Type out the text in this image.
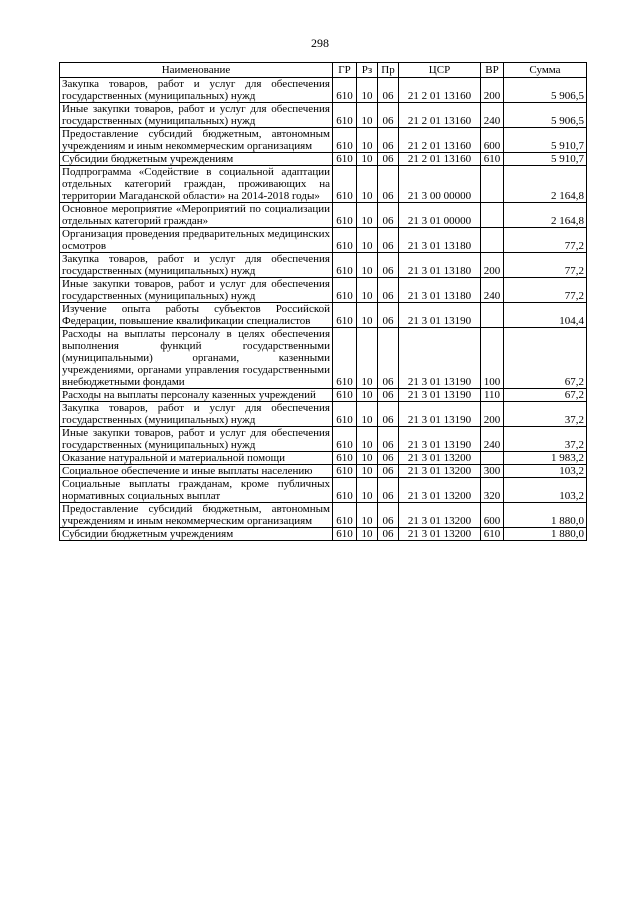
298
Наименование	ГР	Рз	Пр	ЦСР	ВР	Сумма
Закупка товаров, работ и услуг для обеспечения государственных (муниципальных) нужд	610	10	06	21 2 01 13160	200	5 906,5
Иные закупки товаров, работ и услуг для обеспечения государственных (муниципальных) нужд	610	10	06	21 2 01 13160	240	5 906,5
Предоставление субсидий бюджетным, автономным учреждениям и иным некоммерческим организациям	610	10	06	21 2 01 13160	600	5 910,7
Субсидии бюджетным учреждениям	610	10	06	21 2 01 13160	610	5 910,7
Подпрограмма «Содействие в социальной адаптации отдельных категорий граждан, проживающих на территории Магаданской области» на 2014-2018 годы»	610	10	06	21 3 00 00000		2 164,8
Основное мероприятие «Мероприятий по социализации отдельных категорий граждан»	610	10	06	21 3 01 00000		2 164,8
Организация проведения предварительных медицинских осмотров	610	10	06	21 3 01 13180		77,2
Закупка товаров, работ и услуг для обеспечения государственных (муниципальных) нужд	610	10	06	21 3 01 13180	200	77,2
Иные закупки товаров, работ и услуг для обеспечения государственных (муниципальных) нужд	610	10	06	21 3 01 13180	240	77,2
Изучение опыта работы субъектов Российской Федерации, повышение квалификации специалистов	610	10	06	21 3 01 13190		104,4
Расходы на выплаты персоналу в целях обеспечения выполнения функций государственными (муниципальными) органами, казенными учреждениями, органами управления государственными внебюджетными фондами	610	10	06	21 3 01 13190	100	67,2
Расходы на выплаты персоналу казенных учреждений	610	10	06	21 3 01 13190	110	67,2
Закупка товаров, работ и услуг для обеспечения государственных (муниципальных) нужд	610	10	06	21 3 01 13190	200	37,2
Иные закупки товаров, работ и услуг для обеспечения государственных (муниципальных) нужд	610	10	06	21 3 01 13190	240	37,2
Оказание натуральной и материальной помощи	610	10	06	21 3 01 13200		1 983,2
Социальное обеспечение и иные выплаты населению	610	10	06	21 3 01 13200	300	103,2
Социальные выплаты гражданам, кроме публичных нормативных социальных выплат	610	10	06	21 3 01 13200	320	103,2
Предоставление субсидий бюджетным, автономным учреждениям и иным некоммерческим организациям	610	10	06	21 3 01 13200	600	1 880,0
Субсидии бюджетным учреждениям	610	10	06	21 3 01 13200	610	1 880,0
